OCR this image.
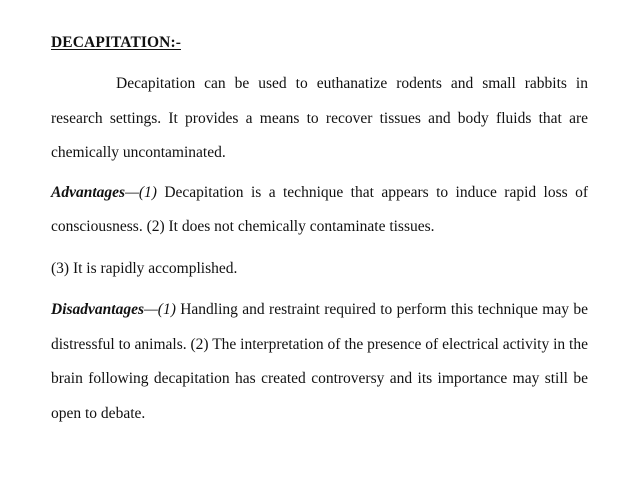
DECAPITATION:-

Decapitation can be used to euthanatize rodents and small rabbits in research settings. It provides a means to recover tissues and body fluids that are chemically uncontaminated.

Advantages—(1) Decapitation is a technique that appears to induce rapid loss of consciousness. (2) It does not chemically contaminate tissues.

(3) It is rapidly accomplished.

Disadvantages—(1) Handling and restraint required to perform this technique may be distressful to animals. (2) The interpretation of the presence of electrical activity in the brain following decapitation has created controversy and its importance may still be open to debate.
